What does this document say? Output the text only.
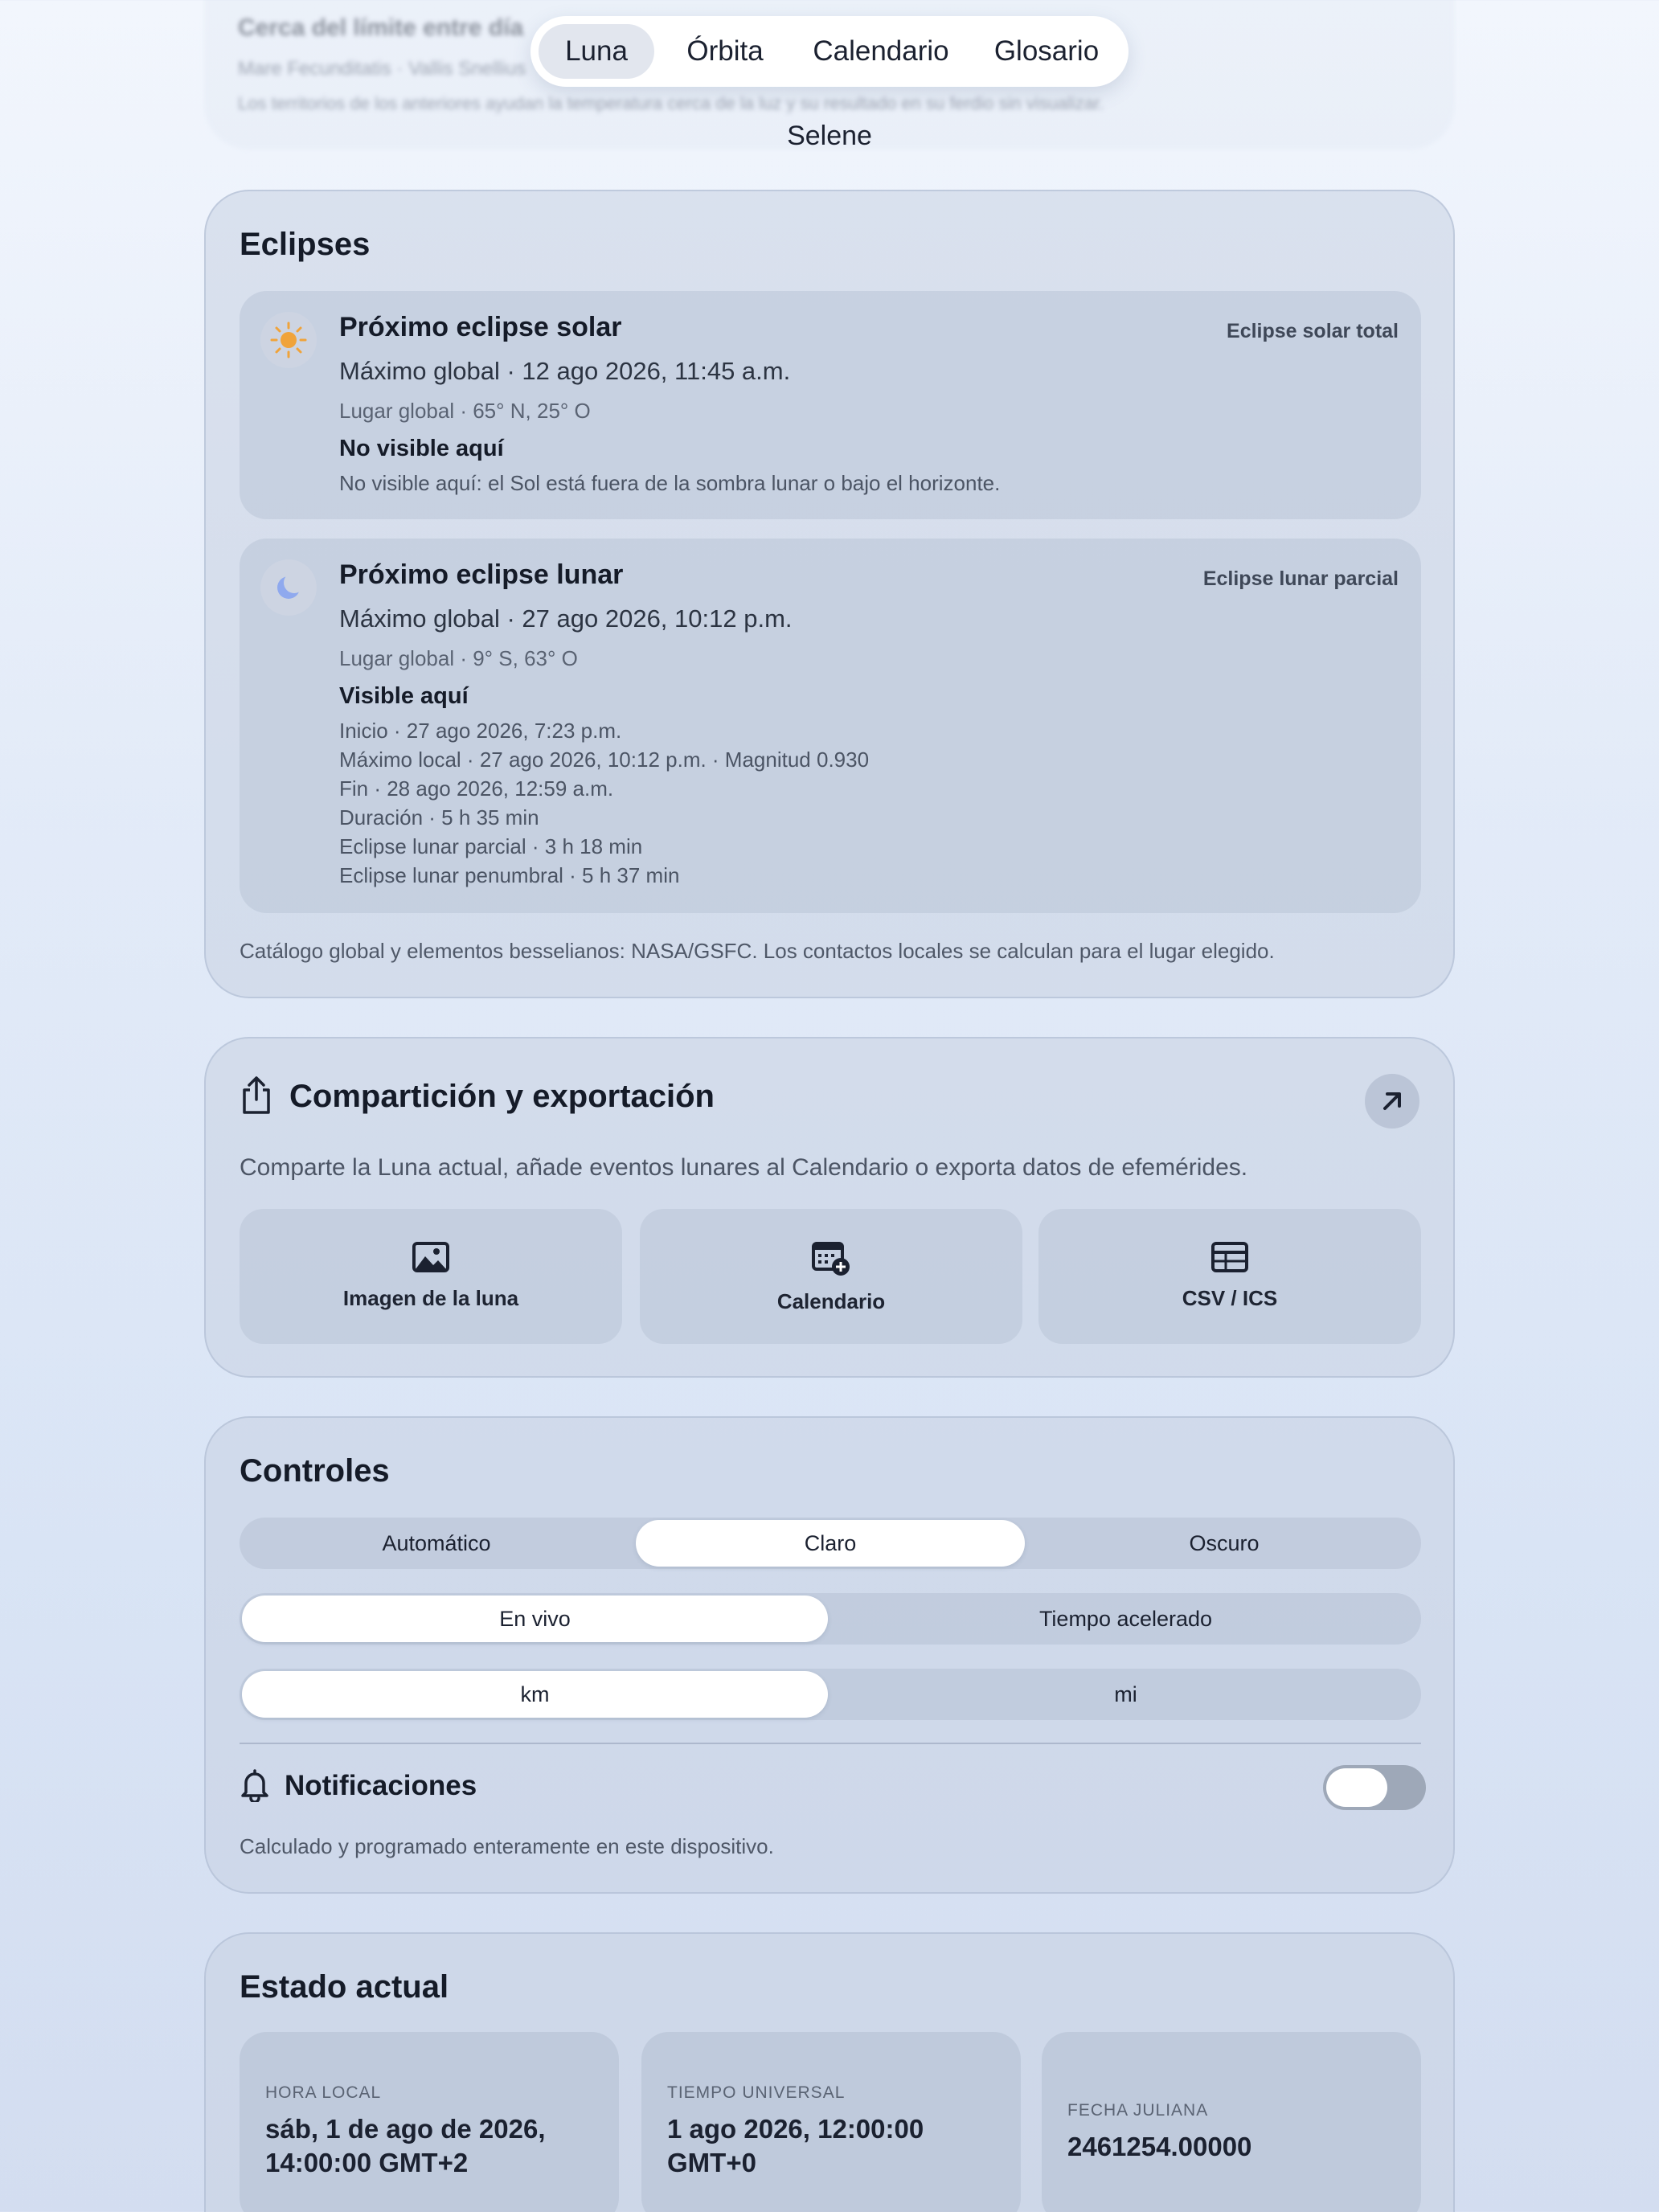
Cerca del límite entre día
Mare Fecunditatis · Vallis Snellius
Los territorios de los anteriores ayudan la temperatura cerca de la luz y su resultado en su ferdio sin visualizar.
Luna	Órbita	Calendario	Glosario
Selene
Eclipses
Próximo eclipse solar	Eclipse solar total
Máximo global · 12 ago 2026, 11:45 a.m.
Lugar global · 65° N, 25° O
No visible aquí
No visible aquí: el Sol está fuera de la sombra lunar o bajo el horizonte.
Próximo eclipse lunar	Eclipse lunar parcial
Máximo global · 27 ago 2026, 10:12 p.m.
Lugar global · 9° S, 63° O
Visible aquí
Inicio · 27 ago 2026, 7:23 p.m.
Máximo local · 27 ago 2026, 10:12 p.m. · Magnitud 0.930
Fin · 28 ago 2026, 12:59 a.m.
Duración · 5 h 35 min
Eclipse lunar parcial · 3 h 18 min
Eclipse lunar penumbral · 5 h 37 min
Catálogo global y elementos besselianos: NASA/GSFC. Los contactos locales se calculan para el lugar elegido.
Compartición y exportación
Comparte la Luna actual, añade eventos lunares al Calendario o exporta datos de efemérides.
Imagen de la luna	Calendario	CSV / ICS
Controles
Automático	Claro	Oscuro
En vivo	Tiempo acelerado
km	mi
Notificaciones
Calculado y programado enteramente en este dispositivo.
Estado actual
HORA LOCAL
sáb, 1 de ago de 2026, 14:00:00 GMT+2
TIEMPO UNIVERSAL
1 ago 2026, 12:00:00 GMT+0
FECHA JULIANA
2461254.00000
